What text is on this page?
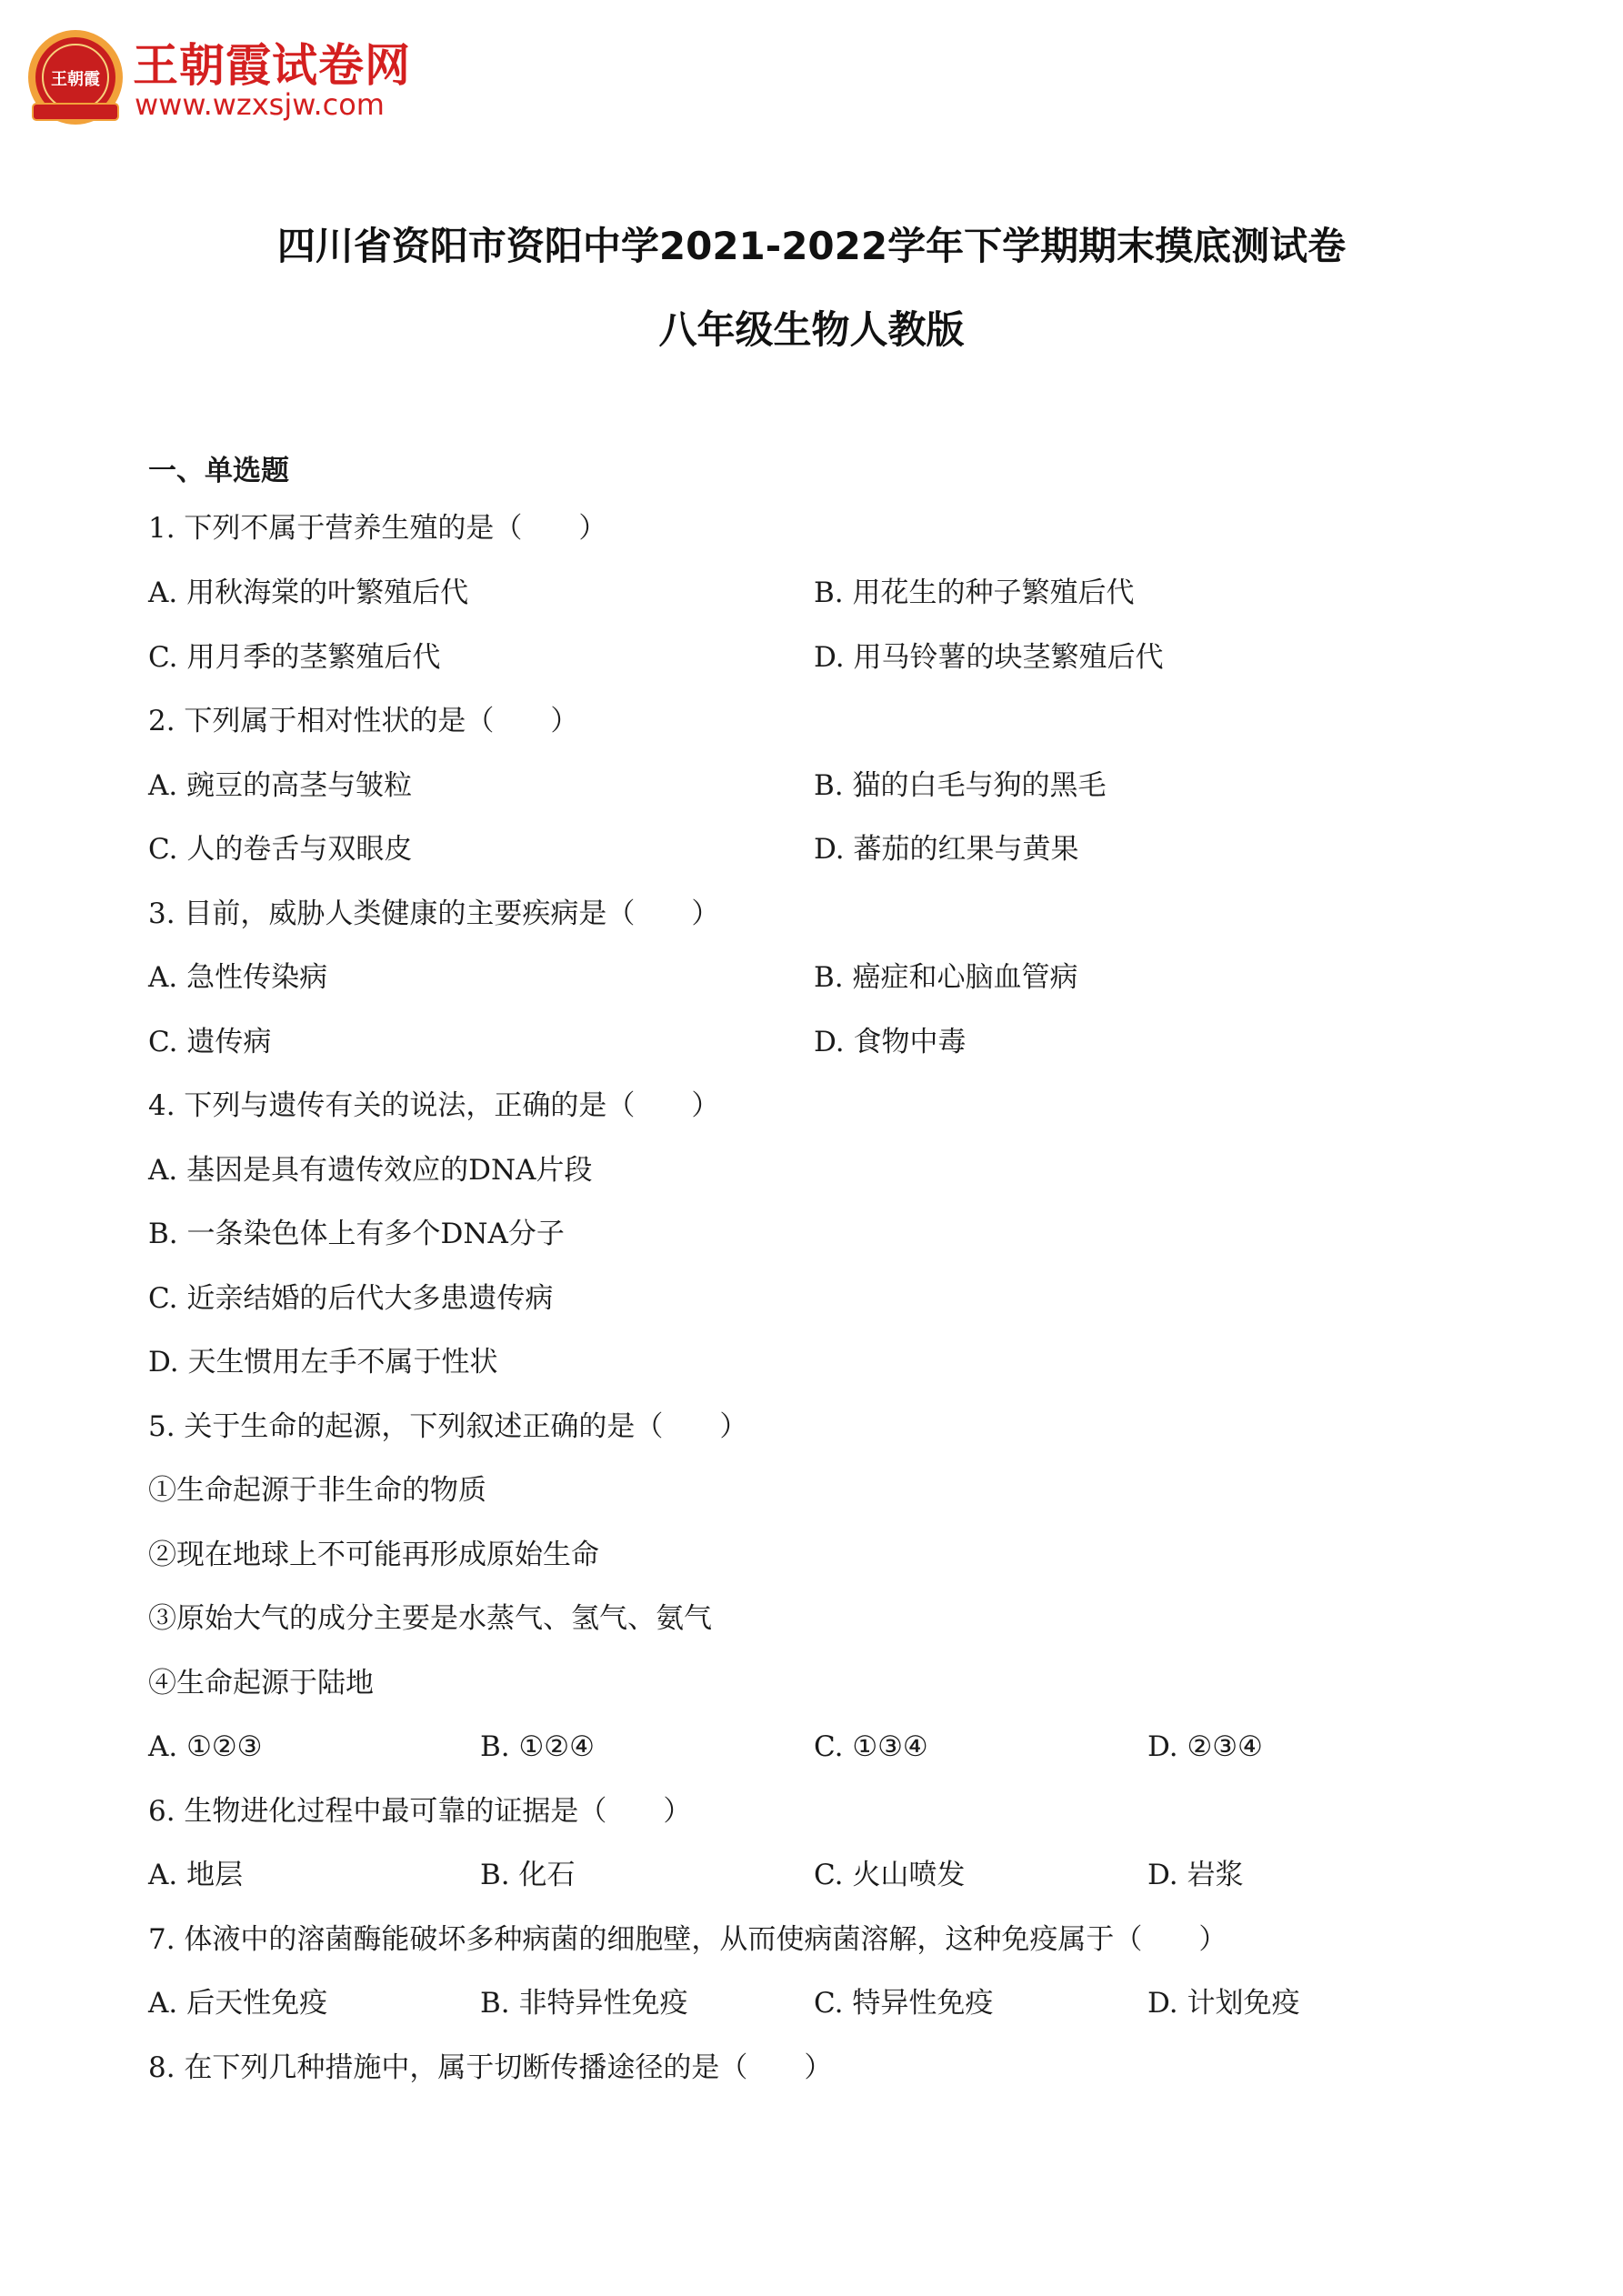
王朝霞 王朝霞试卷网
www.wzxsjw.com
四川省资阳市资阳中学2021-2022学年下学期期末摸底测试卷
八年级生物人教版
一、单选题
1. 下列不属于营养生殖的是（　　）
A. 用秋海棠的叶繁殖后代	B. 用花生的种子繁殖后代
C. 用月季的茎繁殖后代	D. 用马铃薯的块茎繁殖后代
2. 下列属于相对性状的是（　　）
A. 豌豆的高茎与皱粒	B. 猫的白毛与狗的黑毛
C. 人的卷舌与双眼皮	D. 蕃茄的红果与黄果
3. 目前，威胁人类健康的主要疾病是（　　）
A. 急性传染病	B. 癌症和心脑血管病
C. 遗传病	D. 食物中毒
4. 下列与遗传有关的说法，正确的是（　　）
A. 基因是具有遗传效应的DNA片段
B. 一条染色体上有多个DNA分子
C. 近亲结婚的后代大多患遗传病
D. 天生惯用左手不属于性状
5. 关于生命的起源，下列叙述正确的是（　　）
①生命起源于非生命的物质
②现在地球上不可能再形成原始生命
③原始大气的成分主要是水蒸气、氢气、氨气
④生命起源于陆地
A. ①②③	B. ①②④	C. ①③④	D. ②③④
6. 生物进化过程中最可靠的证据是（　　）
A. 地层	B. 化石	C. 火山喷发	D. 岩浆
7. 体液中的溶菌酶能破坏多种病菌的细胞壁，从而使病菌溶解，这种免疫属于（　　）
A. 后天性免疫	B. 非特异性免疫	C. 特异性免疫	D. 计划免疫
8. 在下列几种措施中，属于切断传播途径的是（　　）
